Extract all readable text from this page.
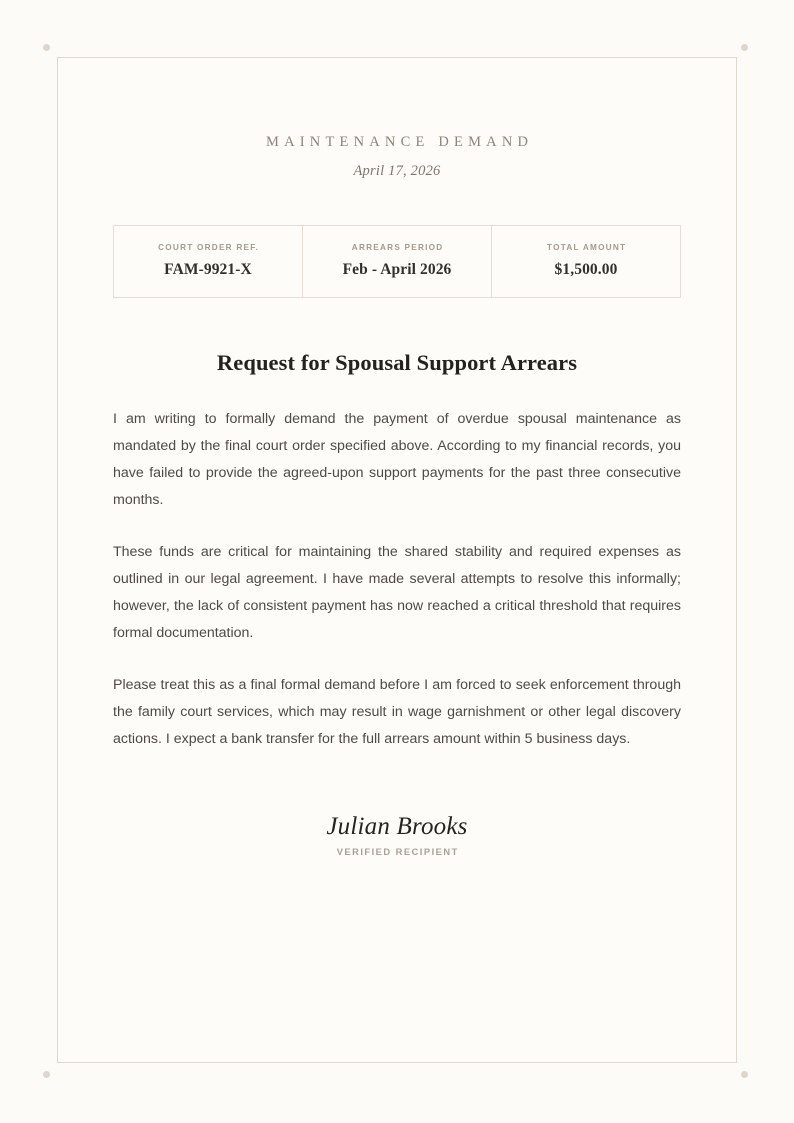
MAINTENANCE DEMAND

April 17, 2026

COURT ORDER REF.

FAM-9921-X

ARREARS PERIOD

Feb - April 2026

TOTAL AMOUNT

$1,500.00

Request for Spousal Support Arrears

I am writing to formally demand the payment of overdue spousal maintenance as mandated by the final court order specified above. According to my financial records, you have failed to provide the agreed-upon support payments for the past three consecutive months.

These funds are critical for maintaining the shared stability and required expenses as outlined in our legal agreement. I have made several attempts to resolve this informally; however, the lack of consistent payment has now reached a critical threshold that requires formal documentation.

Please treat this as a final formal demand before I am forced to seek enforcement through the family court services, which may result in wage garnishment or other legal discovery actions. I expect a bank transfer for the full arrears amount within 5 business days.

Julian Brooks

VERIFIED RECIPIENT
